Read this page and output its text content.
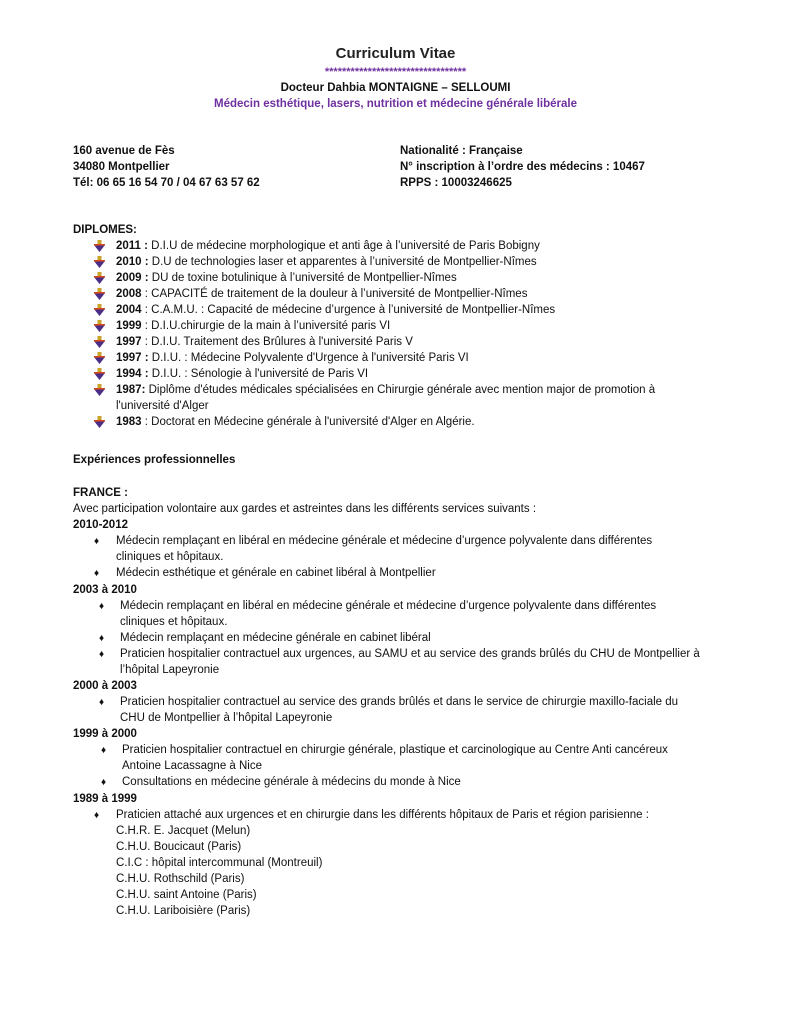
Curriculum Vitae
*********************************
Docteur Dahbia MONTAIGNE – SELLOUMI
Médecin esthétique, lasers, nutrition et médecine générale libérale
160 avenue de Fès
34080 Montpellier
Tél: 06 65 16 54 70 / 04 67 63 57 62
Nationalité : Française
N° inscription à l’ordre des médecins : 10467
RPPS : 10003246625
DIPLOMES:
2011 : D.I.U de médecine morphologique et anti âge à l’université de Paris Bobigny
2010 : D.U de technologies laser et apparentes à l’université de Montpellier-Nîmes
2009 : DU de toxine botulinique à l’université de Montpellier-Nîmes
2008 : CAPACITÉ de traitement de la douleur à l’université de Montpellier-Nîmes
2004 : C.A.M.U. : Capacité de médecine d’urgence à l’université de Montpellier-Nîmes
1999 : D.I.U.chirurgie de la main à l’université paris VI
1997 : D.I.U. Traitement des Brûlures à l'université Paris V
1997 : D.I.U. : Médecine Polyvalente d'Urgence à l'université Paris VI
1994 : D.I.U. : Sénologie à l'université de Paris VI
1987: Diplôme d'études médicales spécialisées en Chirurgie générale avec mention major de promotion à
l'université d'Alger
1983 : Doctorat en Médecine générale à l'université d'Alger en Algérie.
Expériences professionnelles
FRANCE :
Avec participation volontaire aux gardes et astreintes dans les différents services suivants :
2010-2012
♦ Médecin remplaçant en libéral en médecine générale et médecine d’urgence polyvalente dans différentes
cliniques et hôpitaux.
♦ Médecin esthétique et générale en cabinet libéral à Montpellier
2003 à 2010
♦ Médecin remplaçant en libéral en médecine générale et médecine d’urgence polyvalente dans différentes
cliniques et hôpitaux.
♦ Médecin remplaçant en médecine générale en cabinet libéral
♦ Praticien hospitalier contractuel aux urgences, au SAMU et au service des grands brûlés du CHU de Montpellier à
l’hôpital Lapeyronie
2000 à 2003
♦ Praticien hospitalier contractuel au service des grands brûlés et dans le service de chirurgie maxillo-faciale du
CHU de Montpellier à l’hôpital Lapeyronie
1999 à 2000
♦ Praticien hospitalier contractuel en chirurgie générale, plastique et carcinologique au Centre Anti cancéreux
Antoine Lacassagne à Nice
♦ Consultations en médecine générale à médecins du monde à Nice
1989 à 1999
♦ Praticien attaché aux urgences et en chirurgie dans les différents hôpitaux de Paris et région parisienne :
C.H.R. E. Jacquet (Melun)
C.H.U. Boucicaut (Paris)
C.I.C : hôpital intercommunal (Montreuil)
C.H.U. Rothschild (Paris)
C.H.U. saint Antoine (Paris)
C.H.U. Lariboisière (Paris)
